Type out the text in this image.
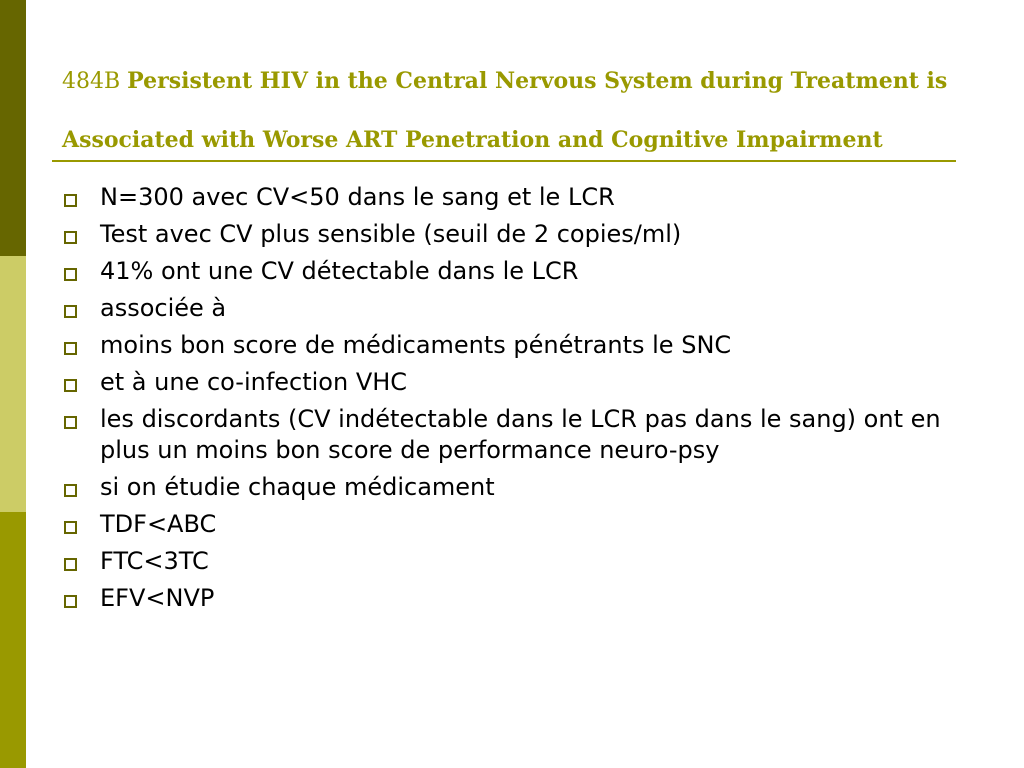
484B Persistent HIV in the Central Nervous System during Treatment is Associated with Worse ART Penetration and Cognitive Impairment
N=300 avec CV<50 dans le sang et le LCR
Test avec CV plus sensible (seuil de 2 copies/ml)
41% ont une CV détectable dans le LCR
associée à
moins bon score de médicaments pénétrants le SNC
et à une co-infection VHC
les discordants (CV indétectable dans le LCR pas dans le sang) ont en plus un moins bon score de performance neuro-psy
si on étudie chaque médicament
TDF<ABC
FTC<3TC
EFV<NVP
